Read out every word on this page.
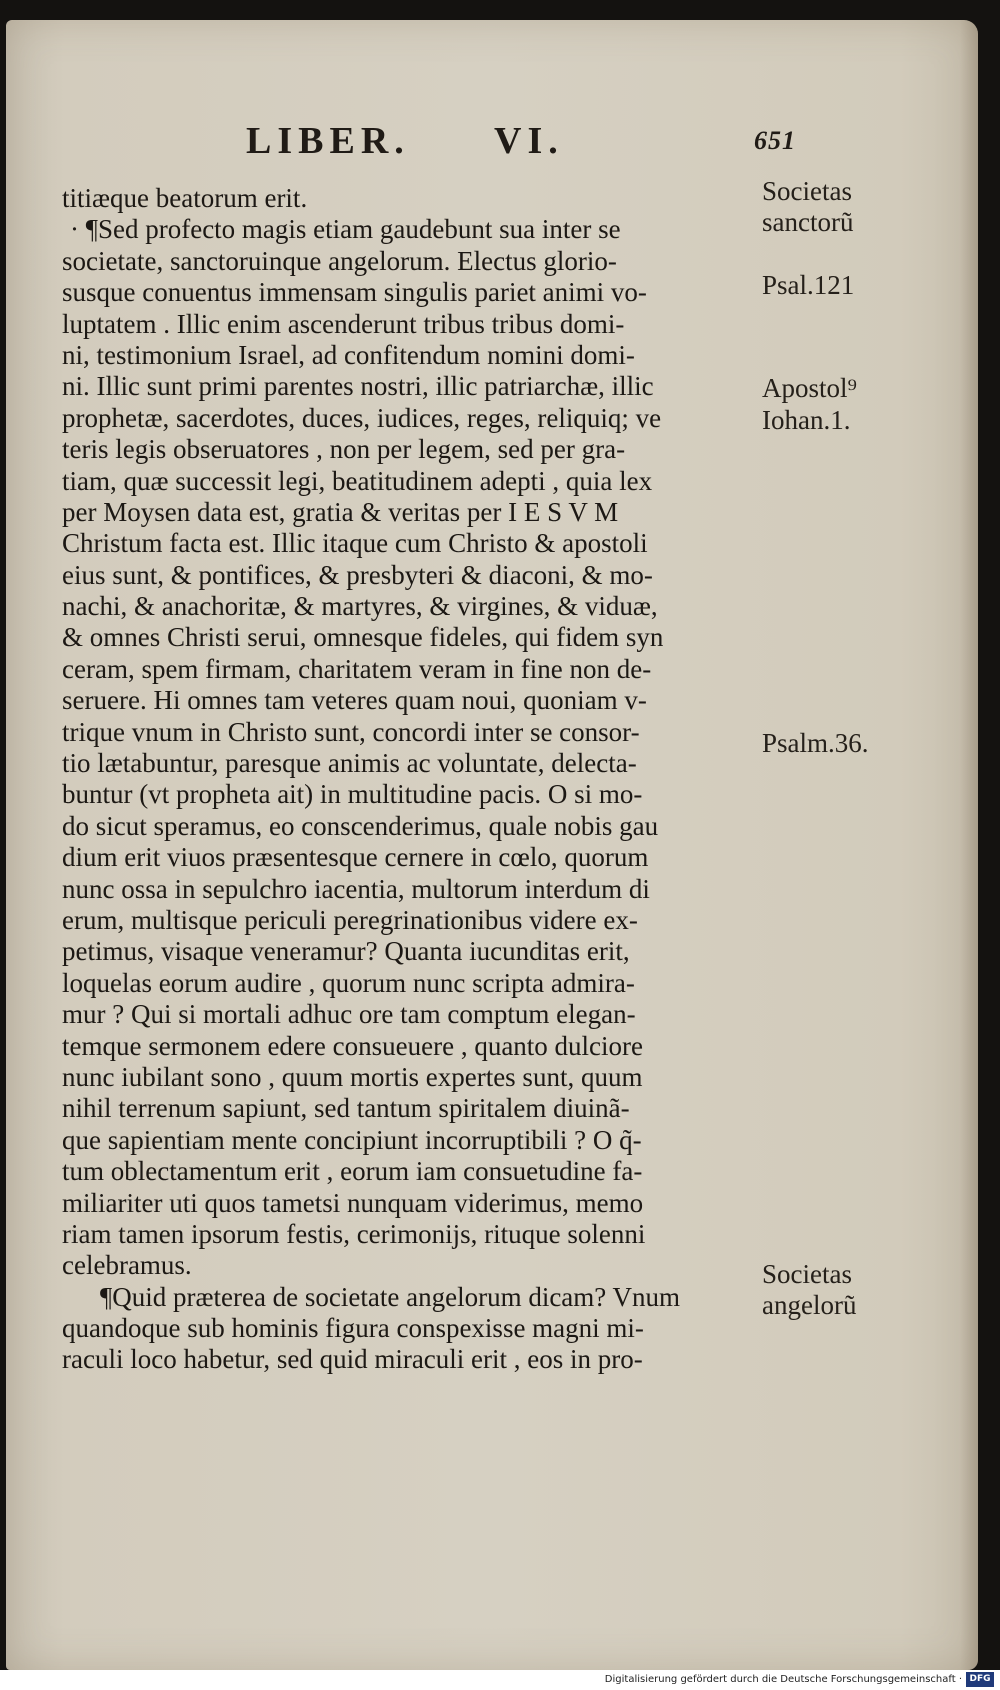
LIBER. VI.	651
titiæque beatorum erit.
· ¶Sed profecto magis etiam gaudebunt sua inter se
societate, sanctoruinque angelorum. Electus glorio-
susque conuentus immensam singulis pariet animi vo-
luptatem . Illic enim ascenderunt tribus tribus domi-
ni, testimonium Israel, ad confitendum nomini domi-
ni. Illic sunt primi parentes nostri, illic patriarchæ, illic
prophetæ, sacerdotes, duces, iudices, reges, reliquiq; ve
teris legis obseruatores , non per legem, sed per gra-
tiam, quæ successit legi, beatitudinem adepti , quia lex
per Moysen data est, gratia & veritas per I E S V M
Christum facta est. Illic itaque cum Christo & apostoli
eius sunt, & pontifices, & presbyteri & diaconi, & mo-
nachi, & anachoritæ, & martyres, & virgines, & viduæ,
& omnes Christi serui, omnesque fideles, qui fidem syn
ceram, spem firmam, charitatem veram in fine non de-
seruere. Hi omnes tam veteres quam noui, quoniam v-
trique vnum in Christo sunt, concordi inter se consor-
tio lætabuntur, paresque animis ac voluntate, delecta-
buntur (vt propheta ait) in multitudine pacis. O si mo-
do sicut speramus, eo conscenderimus, quale nobis gau
dium erit viuos præsentesque cernere in cœlo, quorum
nunc ossa in sepulchro iacentia, multorum interdum di
erum, multisque periculi peregrinationibus videre ex-
petimus, visaque veneramur? Quanta iucunditas erit,
loquelas eorum audire , quorum nunc scripta admira-
mur ? Qui si mortali adhuc ore tam comptum elegan-
temque sermonem edere consueuere , quanto dulciore
nunc iubilant sono , quum mortis expertes sunt, quum
nihil terrenum sapiunt, sed tantum spiritalem diuinã-
que sapientiam mente concipiunt incorruptibili ? O q̃-
tum oblectamentum erit , eorum iam consuetudine fa-
miliariter uti quos tametsi nunquam viderimus, memo
riam tamen ipsorum festis, cerimonijs, rituque solenni
celebramus.
¶Quid præterea de societate angelorum dicam? Vnum
quandoque sub hominis figura conspexisse magni mi-
raculi loco habetur, sed quid miraculi erit , eos in pro-
Societas
sanctorũ
Psal.121
Apostol⁹
Iohan.1.
Psalm.36.
Societas
angelorũ
Digitalisierung gefördert durch die Deutsche Forschungsgemeinschaft · DFG
